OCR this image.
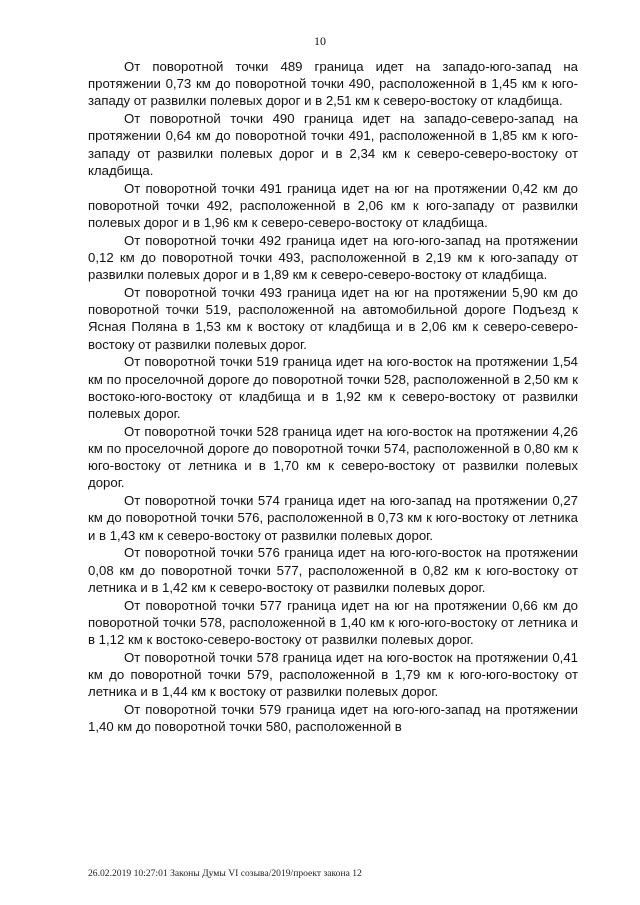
10

От поворотной точки 489 граница идет на западо-юго-запад на протяжении 0,73 км до поворотной точки 490, расположенной в 1,45 км к юго-западу от развилки полевых дорог и в 2,51 км к северо-востоку от кладбища.

От поворотной точки 490 граница идет на западо-северо-запад на протяжении 0,64 км до поворотной точки 491, расположенной в 1,85 км к юго-западу от развилки полевых дорог и в 2,34 км к северо-северо-востоку от кладбища.

От поворотной точки 491 граница идет на юг на протяжении 0,42 км до поворотной точки 492, расположенной в 2,06 км к юго-западу от развилки полевых дорог и в 1,96 км к северо-северо-востоку от кладбища.

От поворотной точки 492 граница идет на юго-юго-запад на протяжении 0,12 км до поворотной точки 493, расположенной в 2,19 км к юго-западу от развилки полевых дорог и в 1,89 км к северо-северо-востоку от кладбища.

От поворотной точки 493 граница идет на юг на протяжении 5,90 км до поворотной точки 519, расположенной на автомобильной дороге Подъезд к Ясная Поляна в 1,53 км к востоку от кладбища и в 2,06 км к северо-северо-востоку от развилки полевых дорог.

От поворотной точки 519 граница идет на юго-восток на протяжении 1,54 км по проселочной дороге до поворотной точки 528, расположенной в 2,50 км к востоко-юго-востоку от кладбища и в 1,92 км к северо-востоку от развилки полевых дорог.

От поворотной точки 528 граница идет на юго-восток на протяжении 4,26 км по проселочной дороге до поворотной точки 574, расположенной в 0,80 км к юго-востоку от летника и в 1,70 км к северо-востоку от развилки полевых дорог.

От поворотной точки 574 граница идет на юго-запад на протяжении 0,27 км до поворотной точки 576, расположенной в 0,73 км к юго-востоку от летника и в 1,43 км к северо-востоку от развилки полевых дорог.

От поворотной точки 576 граница идет на юго-юго-восток на протяжении 0,08 км до поворотной точки 577, расположенной в 0,82 км к юго-востоку от летника и в 1,42 км к северо-востоку от развилки полевых дорог.

От поворотной точки 577 граница идет на юг на протяжении 0,66 км до поворотной точки 578, расположенной в 1,40 км к юго-юго-востоку от летника и в 1,12 км к востоко-северо-востоку от развилки полевых дорог.

От поворотной точки 578 граница идет на юго-восток на протяжении 0,41 км до поворотной точки 579, расположенной в 1,79 км к юго-юго-востоку от летника и в 1,44 км к востоку от развилки полевых дорог.

От поворотной точки 579 граница идет на юго-юго-запад на протяжении 1,40 км до поворотной точки 580, расположенной в

26.02.2019 10:27:01 Законы Думы VI созыва/2019/проект закона 12
